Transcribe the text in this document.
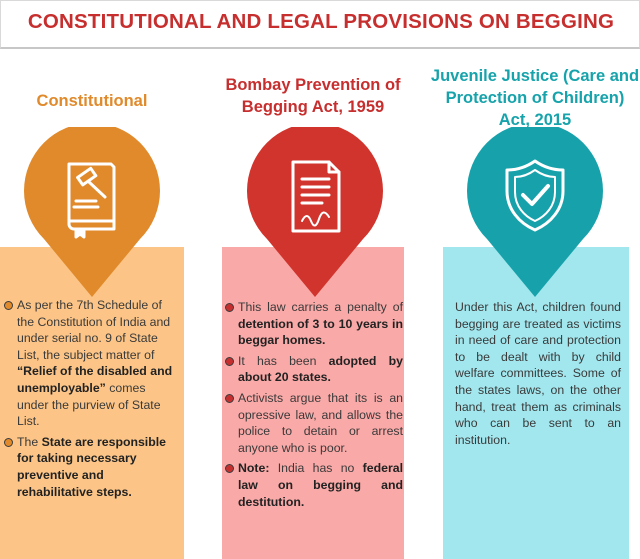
CONSTITUTIONAL AND LEGAL PROVISIONS ON BEGGING
Constitutional
Bombay Prevention of Begging Act, 1959
Juvenile Justice (Care and Protection of Children) Act, 2015
As per the 7th Schedule of the Constitution of India and under serial no. 9 of State List, the subject matter of “Relief of the disabled and unemployable” comes under the purview of State List.
The State are responsible for taking necessary preventive and rehabilitative steps.
This law carries a penalty of detention of 3 to 10 years in beggar homes.
It has been adopted by about 20 states.
Activists argue that its is an opressive law, and allows the police to detain or arrest anyone who is poor.
Note: India has no federal law on begging and destitution.
Under this Act, children found begging are treated as victims in need of care and protection to be dealt with by child welfare committees. Some of the states laws, on the other hand, treat them as criminals who can be sent to an institution.
